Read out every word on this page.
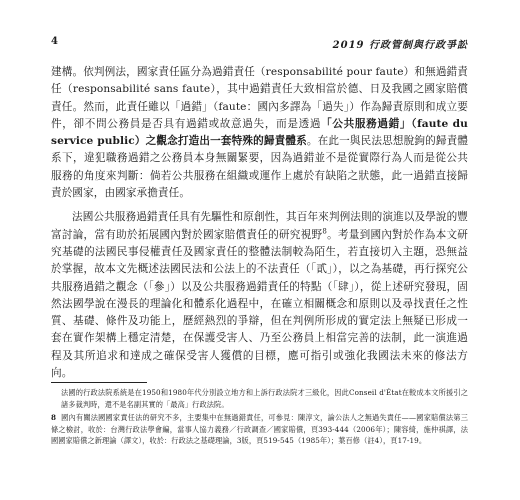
4	2019 行政管制與行政爭訟

建構。依判例法，國家責任區分為過錯責任（responsabilité pour faute）和無過錯責任（responsabilité sans faute），其中過錯責任大致相當於德、日及我國之國家賠償責任。然而，此責任雖以「過錯」（faute：國內多譯為「過失」）作為歸責原則和成立要件，卻不問公務員是否具有過錯或故意過失，而是透過「公共服務過錯」（faute du service public）之觀念打造出一套特殊的歸責體系。在此一與民法思想脫鉤的歸責體系下，違犯職務過錯之公務員本身無關緊要，因為過錯並不是從實際行為人而是從公共服務的角度來判斷：倘若公共服務在組織或運作上處於有缺陷之狀態，此一過錯直接歸責於國家，由國家承擔責任。

法國公共服務過錯責任具有先驅性和原創性，其百年來判例法則的演進以及學說的豐富討論，當有助於拓展國內對於國家賠償責任的研究視野$^8$。考量到國內對於作為本文研究基礎的法國民事侵權責任及國家責任的整體法制較為陌生，若直接切入主題，恐無益於掌握，故本文先概述法國民法和公法上的不法責任（「貳」），以之為基礎，再行探究公共服務過錯之觀念（「參」）以及公共服務過錯責任的特點（「肆」），從上述研究發現，固然法國學說在漫長的理論化和體系化過程中，在確立相關概念和原則以及尋找責任之性質、基礎、條件及功能上，歷經熱烈的爭辯，但在判例所形成的實定法上無疑已形成一套在實作架構上穩定清楚，在保護受害人、乃至公務員上相當完善的法制，此一演進過程及其所追求和達成之確保受害人獲償的目標，應可指引或強化我國法未來的修法方向。

法國的行政法院系統是在1950和1980年代分別設立地方和上訴行政法院才三級化，因此Conseil d'État在較成本文所援引之諸多裁判時，還不是名副其實的「最高」行政法院。

8 國內有關法國國家責任法的研究不多，主要集中在無過錯責任，可參見：陳淳文，論公法人之無過失責任——國家賠償法第三條之檢討，收於：台灣行政法學會編，當事人協力義務／行政調查／國家賠償，頁393-444（2006年）；陳容綺，施仲祺譯，法國國家賠償之新理論（譯文），收於：行政法之基礎理論，3版，頁519-545（1985年）；葉百修（註4），頁17-19。
